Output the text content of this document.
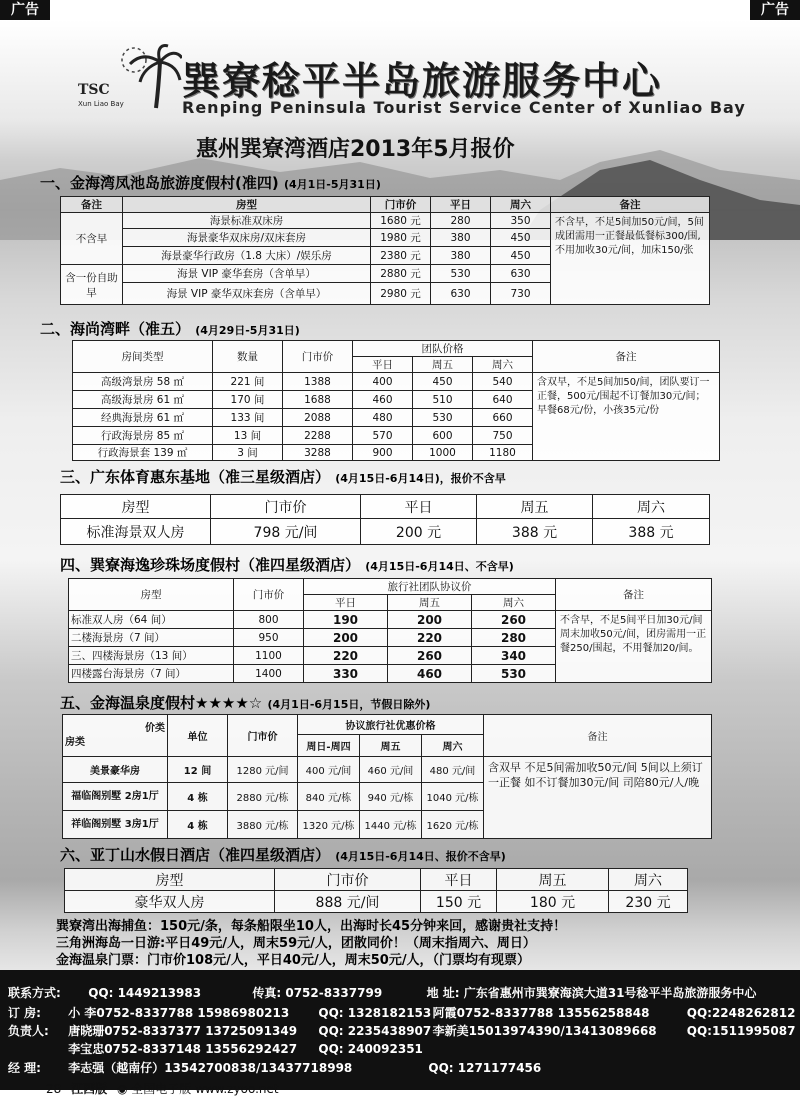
广告	广告
TSC
Xun Liao Bay
巽寮稔平半岛旅游服务中心
Renping Peninsula Tourist Service Center of Xunliao Bay
惠州巽寮湾酒店2013年5月报价
一、金海湾凤池岛旅游度假村(准四) (4月1日-5月31日)
备注	房型	门市价	平日	周六	备注
不含早	海景标准双床房	1680 元	280	350	不含早，不足5间加50元/间，5间成团需用一正餐最低餐标300/围,不用加收30元/间，加床150/张
	海景豪华双床房/双床套房	1980 元	380	450	
	海景豪华行政房（1.8 大床）/娱乐房	2380 元	380	450	
含一份自助早	海景 VIP 豪华套房（含单早）	2880 元	530	630	
	海景 VIP 豪华双床套房（含单早）	2980 元	630	730	
二、海尚湾畔（准五） (4月29日-5月31日)
房间类型	数量	门市价	团队价格			备注
			平日	周五	周六	
高级湾景房 58 ㎡	221 间	1388	400	450	540	含双早，不足5间加50/间，团队要订一正餐，500元/围起不订餐加30元/间；早餐68元/份，小孩35元/份
高级海景房 61 ㎡	170 间	1688	460	510	640	
经典海景房 61 ㎡	133 间	2088	480	530	660	
行政海景房 85 ㎡	13 间	2288	570	600	750	
行政海景套 139 ㎡	3 间	3288	900	1000	1180	
三、广东体育惠东基地（准三星级酒店） (4月15日-6月14日)，报价不含早
房型	门市价	平日	周五	周六
标准海景双人房	798 元/间	200 元	388 元	388 元
四、巽寮海逸珍珠场度假村（准四星级酒店） (4月15日-6月14日、不含早)
房型	门市价	旅行社团队协议价			备注
		平日	周五	周六	
标准双人房（64 间）	800	190	200	260	不含早，不足5间平日加30元/间周末加收50元/间，团房需用一正餐250/围起，不用餐加20/间。
二楼海景房（7 间）	950	200	220	280	
三、四楼海景房（13 间）	1100	220	260	340	
四楼露台海景房（7 间）	1400	330	460	530	
五、金海温泉度假村★★★★☆ (4月1日-6月15日，节假日除外)
价类
房类	单位	门市价	协议旅行社优惠价格			备注
			周日-周四	周五	周六	
美景豪华房	12 间	1280 元/间	400 元/间	460 元/间	480 元/间	含双早 不足5间需加收50元/间 5间以上须订一正餐 如不订餐加30元/间 司陪80元/人/晚
福临阁别墅 2房1厅	4 栋	2880 元/栋	840 元/栋	940 元/栋	1040 元/栋	
祥临阁别墅 3房1厅	4 栋	3880 元/栋	1320 元/栋	1440 元/栋	1620 元/栋	
六、亚丁山水假日酒店（准四星级酒店） (4月15日-6月14日、报价不含早)
房型	门市价	平日	周五	周六
豪华双人房	888 元/间	150 元	180 元	230 元
巽寮湾出海捕鱼：150元/条，每条船限坐10人，出海时长45分钟来回，感谢贵社支持！
三角洲海岛一日游:平日49元/人，周末59元/人，团散同价！（周末指周六、周日）
金海温泉门票：门市价108元/人，平日40元/人，周末50元/人，（门票均有现票）
联系方式: QQ: 1449213983	传真: 0752-8337799	地 址: 广东省惠州市巽寮海滨大道31号稔平半岛旅游服务中心
订 房: 小 李0752-8337788 15986980213 QQ: 1328182153 阿霞0752-8337788 13556258848	QQ:2248262812
负责人: 唐晓珊0752-8337377 13725091349 QQ: 2235438907 李新美15013974390/13413089668	QQ:1511995087
李宝忠0752-8337148 13556292427 QQ: 240092351
经 理: 李志强（越南仔）13542700838/13437718998	QQ: 1271177456
28 江西版 ◉ 全国电子版 www.zyoo.net
